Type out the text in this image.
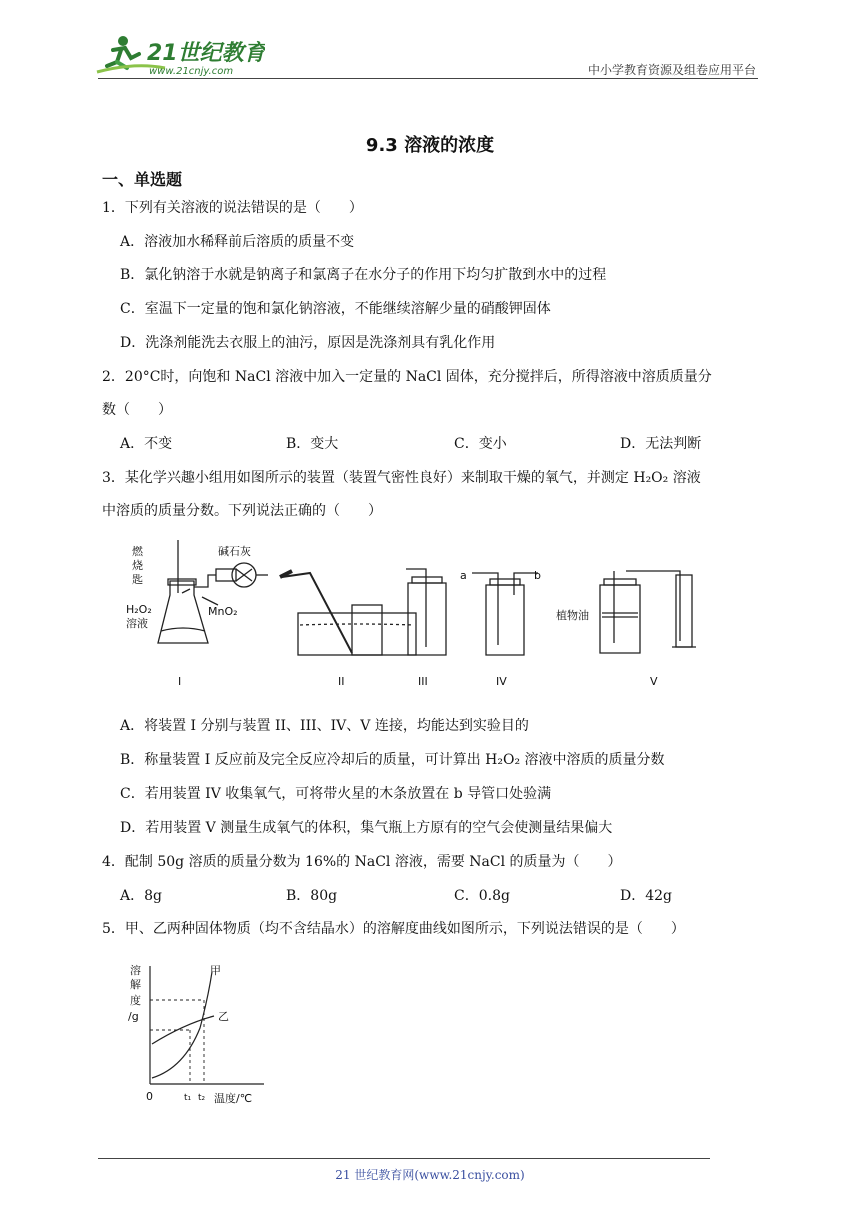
21世纪教育
www.21cnjy.com	中小学教育资源及组卷应用平台
9.3 溶液的浓度
一、单选题
1．下列有关溶液的说法错误的是（　　）
A．溶液加水稀释前后溶质的质量不变
B．氯化钠溶于水就是钠离子和氯离子在水分子的作用下均匀扩散到水中的过程
C．室温下一定量的饱和氯化钠溶液，不能继续溶解少量的硝酸钾固体
D．洗涤剂能洗去衣服上的油污，原因是洗涤剂具有乳化作用
2．20°C时，向饱和 NaCl 溶液中加入一定量的 NaCl 固体，充分搅拌后，所得溶液中溶质质量分
数（　　）
A．不变	B．变大	C．变小	D．无法判断
3．某化学兴趣小组用如图所示的装置（装置气密性良好）来制取干燥的氧气，并测定 H₂O₂ 溶液
中溶质的质量分数。下列说法正确的（　　）
燃
烧
匙
碱石灰
H₂O₂
溶液
MnO₂
a	b
植物油
I	II	III	IV	V
A．将装置 I 分别与装置 II、III、IV、V 连接，均能达到实验目的
B．称量装置 I 反应前及完全反应冷却后的质量，可计算出 H₂O₂ 溶液中溶质的质量分数
C．若用装置 IV 收集氧气，可将带火星的木条放置在 b 导管口处验满
D．若用装置 V 测量生成氧气的体积，集气瓶上方原有的空气会使测量结果偏大
4．配制 50g 溶质的质量分数为 16%的 NaCl 溶液，需要 NaCl 的质量为（　　）
A．8g	B．80g	C．0.8g	D．42g
5．甲、乙两种固体物质（均不含结晶水）的溶解度曲线如图所示，下列说法错误的是（　　）
溶
解
度
/g
甲
乙
0	t₁ t₂ 温度/℃
21 世纪教育网(www.21cnjy.com)
